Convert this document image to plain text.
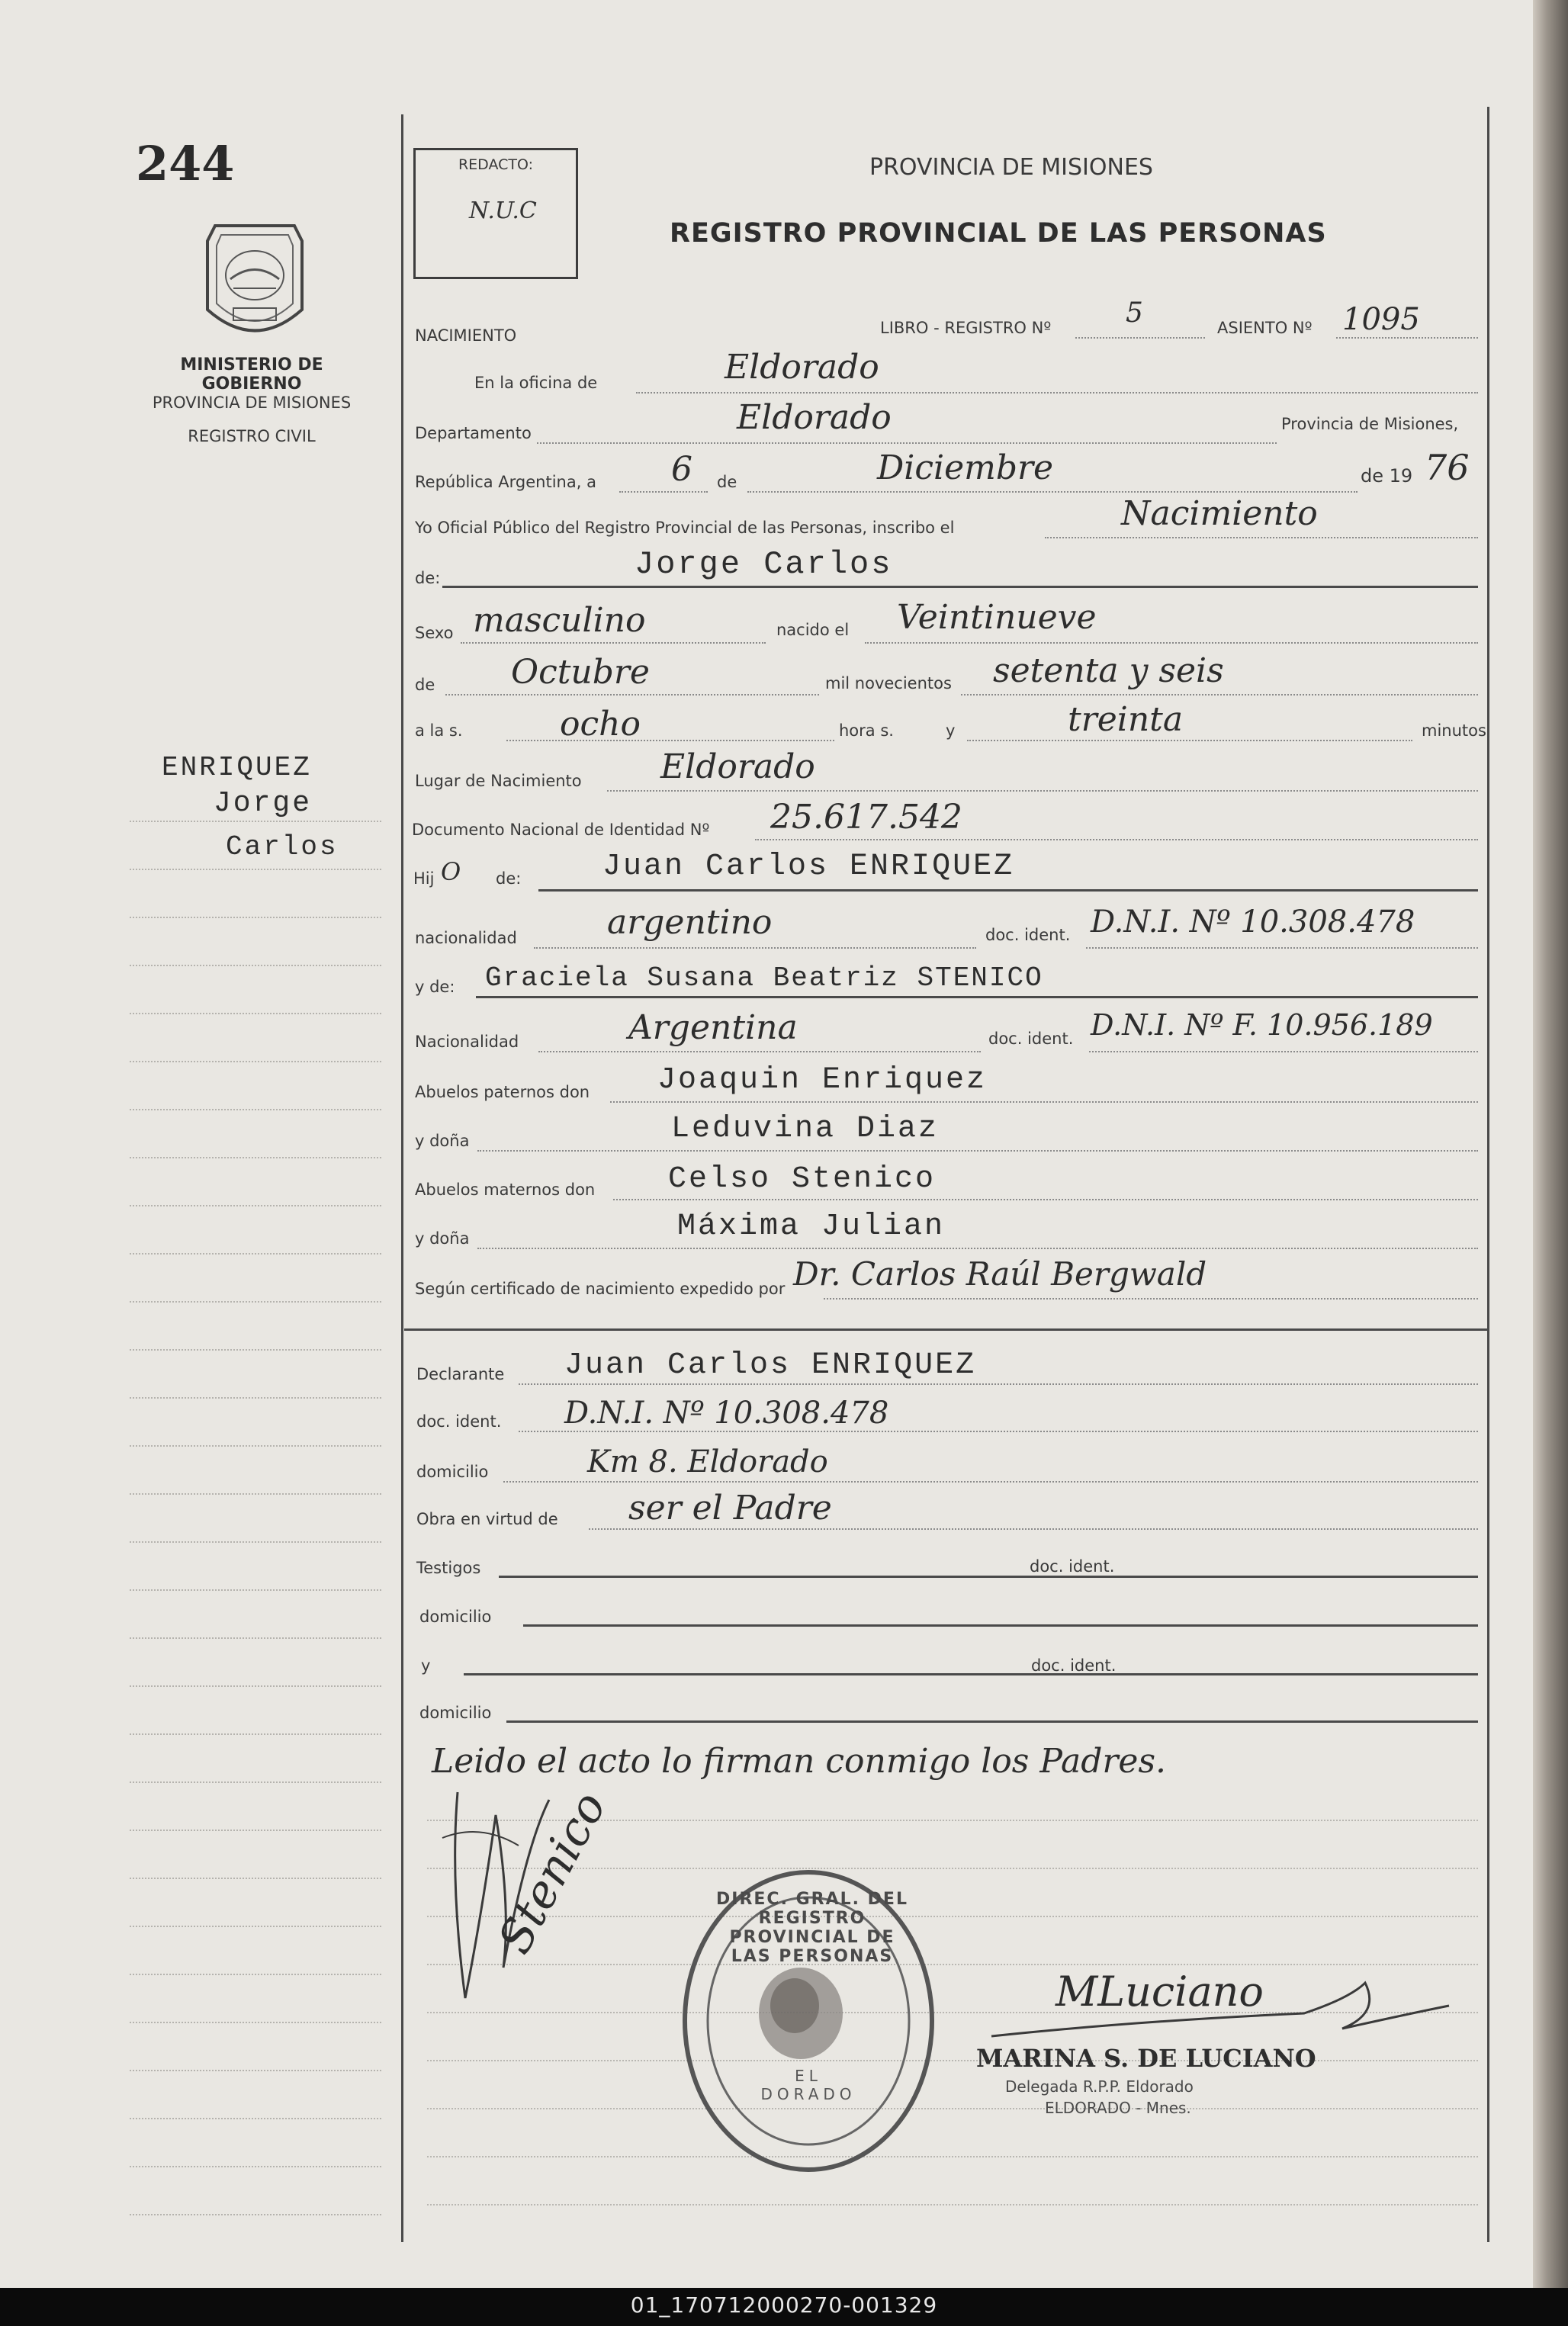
01_170712000270-001329
244
MINISTERIO DE GOBIERNO
PROVINCIA DE MISIONES
REGISTRO CIVIL
ENRIQUEZ
Jorge
Carlos
REDACTO:
N.U.C
PROVINCIA DE MISIONES
REGISTRO PROVINCIAL DE LAS PERSONAS
NACIMIENTO	LIBRO - REGISTRO Nº	5	ASIENTO Nº 1095
En la oficina de	Eldorado
Departamento	Eldorado	Provincia de Misiones,
República Argentina, a 6 de	Diciembre	de 19 76
Yo Oficial Público del Registro Provincial de las Personas, inscribo el	Nacimiento
de:	Jorge Carlos
Sexo masculino	nacido el Veintinueve
de Octubre	mil novecientos setenta y seis
a la s.	ocho	hora s.	y	treinta	minutos
Lugar de Nacimiento Eldorado
Documento Nacional de Identidad Nº 25.617.542
Hij O de:	Juan Carlos ENRIQUEZ
nacionalidad	argentino	doc. ident. D.N.I. Nº 10.308.478
y de: Graciela Susana Beatriz STENICO
Nacionalidad	Argentina	doc. ident. D.N.I. Nº F. 10.956.189
Abuelos paternos don Joaquin Enriquez
y doña	Leduvina Diaz
Abuelos maternos don Celso Stenico
y doña	Máxima Julian
Según certificado de nacimiento expedido por Dr. Carlos Raúl Bergwald
Declarante Juan Carlos ENRIQUEZ
doc. ident. D.N.I. Nº 10.308.478
domicilio	Km 8. Eldorado
Obra en virtud de ser el Padre
Testigos	doc. ident.
domicilio
y	doc. ident.
domicilio
Leido el acto lo firman conmigo los Padres.
Stenico	DIREC. GRAL. DEL REGISTRO PROVINCIAL DE LAS PERSONAS
EL DORADO
MLuciano
MARINA S. DE LUCIANO
Delegada R.P.P. Eldorado
ELDORADO - Mnes.
